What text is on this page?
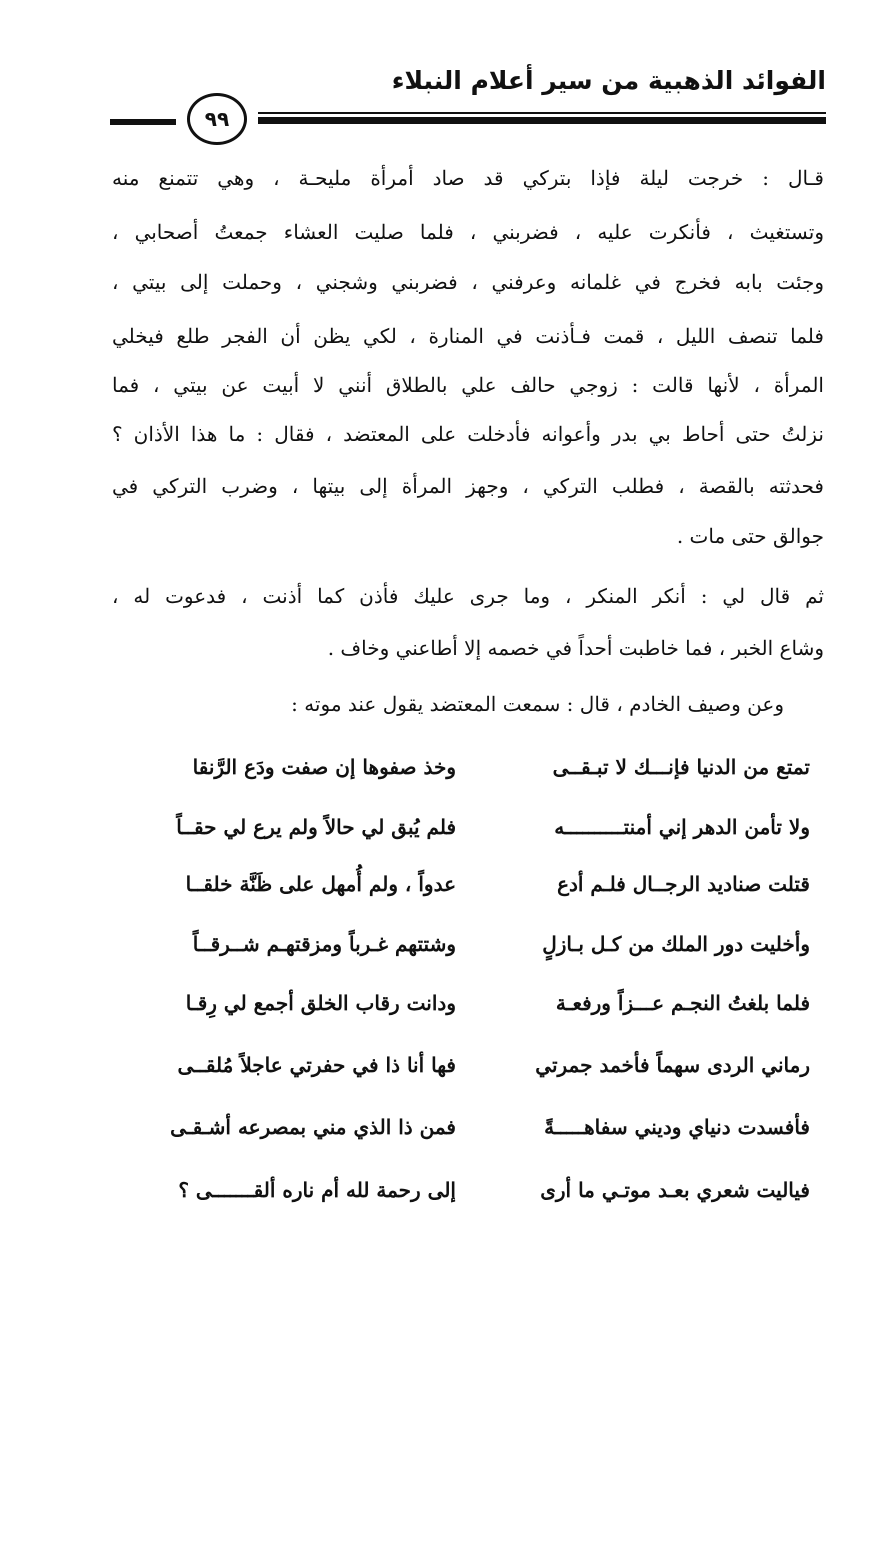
الفوائد الذهبية من سير أعلام النبلاء
٩٩
قـال : خرجت ليلة فإذا بتركي قد صاد أمرأة مليحـة ، وهي تتمنع منه
وتستغيث ، فأنكرت عليه ، فضربني ، فلما صليت العشاء جمعتُ أصحابي ،
وجئت بابه فخرج في غلمانه وعرفني ، فضربني وشجني ، وحملت إلى بيتي ،
فلما تنصف الليل ، قمت فـأذنت في المنارة ، لكي يظن أن الفجر طلع فيخلي
المرأة ، لأنها قالت : زوجي حالف علي بالطلاق أنني لا أبيت عن بيتي ، فما
نزلتُ حتى أحاط بي بدر وأعوانه فأُدخلت على المعتضد ، فقال : ما هذا الأذان ؟
فحدثته بالقصة ، فطلب التركي ، وجهز المرأة إلى بيتها ، وضرب التركي في
جوالق حتى مات .
ثم قال لي : أنكر المنكر ، وما جرى عليك فأذن كما أذنت ، فدعوت له ،
وشاع الخبر ، فما خاطبت أحداً في خصمه إلا أطاعني وخاف .
وعن وصيف الخادم ، قال : سمعت المعتضد يقول عند موته :
تمتع من الدنيا فإنـــك لا تبـقــى
وخذ صفوها إن صفت ودَع الرَّنقا
ولا تأمن الدهر إني أمنتــــــــــه
فلم يُبق لي حالاً ولم يرع لي حقــاً
قتلت صناديد الرجــال فلـم أدع
عدواً ، ولم أُمهل على ظَنَّة خلقــا
وأخليت دور الملك من كـل بـازلٍ
وشتتهم غـرباً ومزقتهـم شــرقــاً
فلما بلغتُ النجـم عـــزاً ورفعـة
ودانت رقاب الخلق أجمع لي رِقـا
رماني الردى سهماً فأخمد جمرتي
فها أنا ذا في حفرتي عاجلاً مُلقــى
فأفسدت دنياي وديني سفاهـــــةً
فمن ذا الذي مني بمصرعه أشـقـى
فياليت شعري بعـد موتـي ما أرى
إلى رحمة لله أم ناره ألقـــــــى ؟
